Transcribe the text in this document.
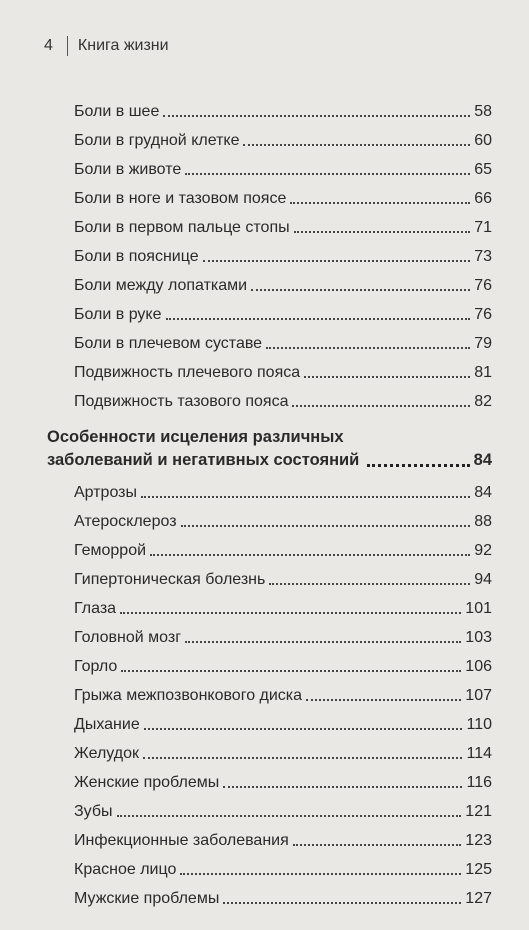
4 Книга жизни
Боли в шее	58
Боли в грудной клетке	60
Боли в животе	65
Боли в ноге и тазовом поясе	66
Боли в первом пальце стопы	71
Боли в пояснице	73
Боли между лопатками	76
Боли в руке	76
Боли в плечевом суставе	79
Подвижность плечевого пояса	81
Подвижность тазового пояса	82
Особенности исцеления различных
заболеваний и негативных состояний	84
Артрозы	84
Атеросклероз	88
Геморрой	92
Гипертоническая болезнь	94
Глаза	101
Головной мозг	103
Горло	106
Грыжа межпозвонкового диска	107
Дыхание	110
Желудок	114
Женские проблемы	116
Зубы	121
Инфекционные заболевания	123
Красное лицо	125
Мужские проблемы	127
